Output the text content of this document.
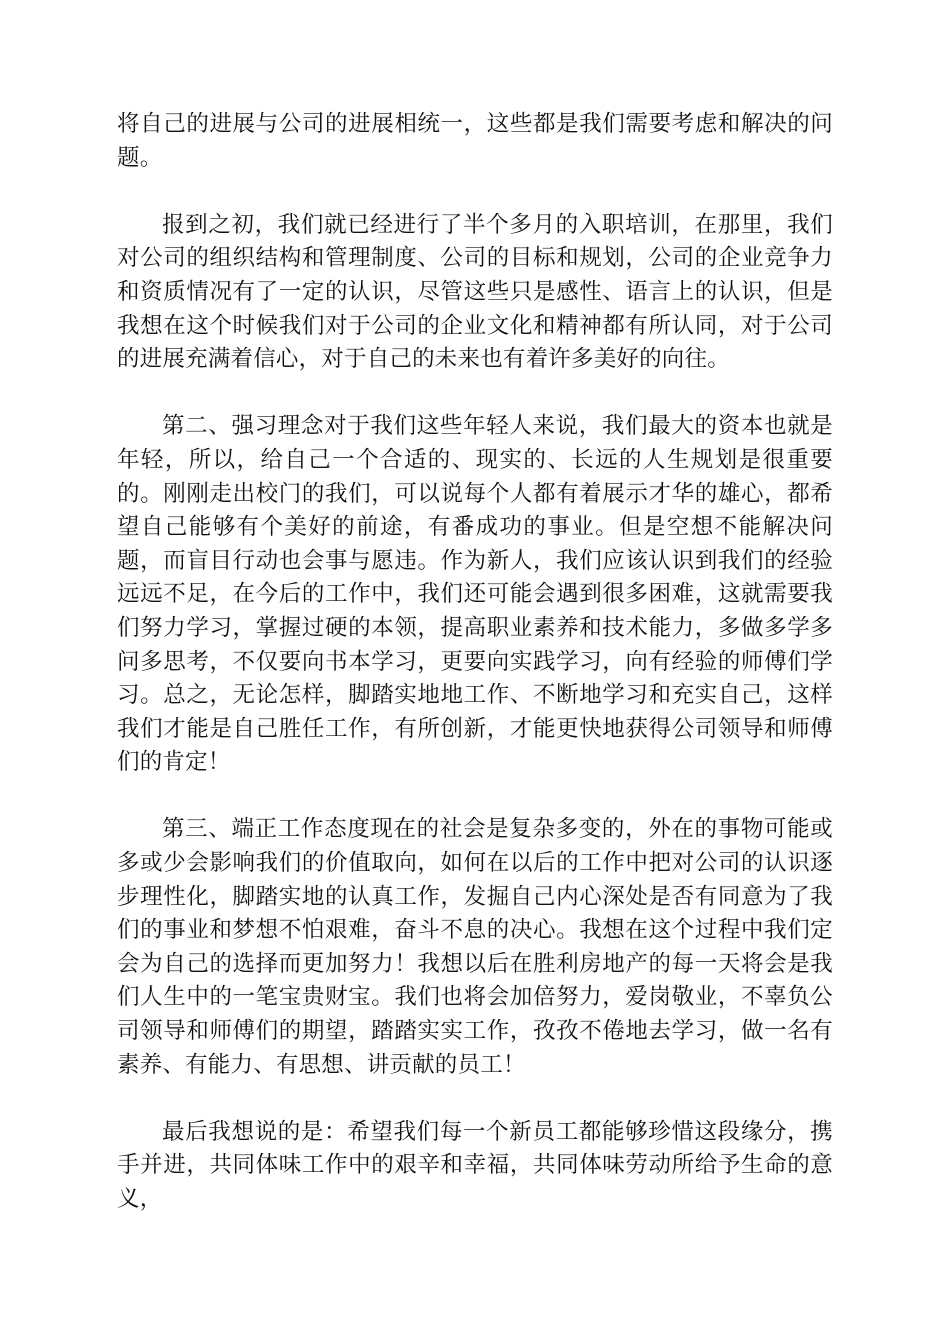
将自己的进展与公司的进展相统一，这些都是我们需要考虑和解决的问题。

报到之初，我们就已经进行了半个多月的入职培训，在那里，我们对公司的组织结构和管理制度、公司的目标和规划，公司的企业竞争力和资质情况有了一定的认识，尽管这些只是感性、语言上的认识，但是我想在这个时候我们对于公司的企业文化和精神都有所认同，对于公司的进展充满着信心，对于自己的未来也有着许多美好的向往。

第二、强习理念对于我们这些年轻人来说，我们最大的资本也就是年轻，所以，给自己一个合适的、现实的、长远的人生规划是很重要的。刚刚走出校门的我们，可以说每个人都有着展示才华的雄心，都希望自己能够有个美好的前途，有番成功的事业。但是空想不能解决问题，而盲目行动也会事与愿违。作为新人，我们应该认识到我们的经验远远不足，在今后的工作中，我们还可能会遇到很多困难，这就需要我们努力学习，掌握过硬的本领，提高职业素养和技术能力，多做多学多问多思考，不仅要向书本学习，更要向实践学习，向有经验的师傅们学习。总之，无论怎样，脚踏实地地工作、不断地学习和充实自己，这样我们才能是自己胜任工作，有所创新，才能更快地获得公司领导和师傅们的肯定！

第三、端正工作态度现在的社会是复杂多变的，外在的事物可能或多或少会影响我们的价值取向，如何在以后的工作中把对公司的认识逐步理性化，脚踏实地的认真工作，发掘自己内心深处是否有同意为了我们的事业和梦想不怕艰难，奋斗不息的决心。我想在这个过程中我们定会为自己的选择而更加努力！我想以后在胜利房地产的每一天将会是我们人生中的一笔宝贵财宝。我们也将会加倍努力，爱岗敬业，不辜负公司领导和师傅们的期望，踏踏实实工作，孜孜不倦地去学习，做一名有素养、有能力、有思想、讲贡献的员工！

最后我想说的是：希望我们每一个新员工都能够珍惜这段缘分，携手并进，共同体味工作中的艰辛和幸福，共同体味劳动所给予生命的意义，
